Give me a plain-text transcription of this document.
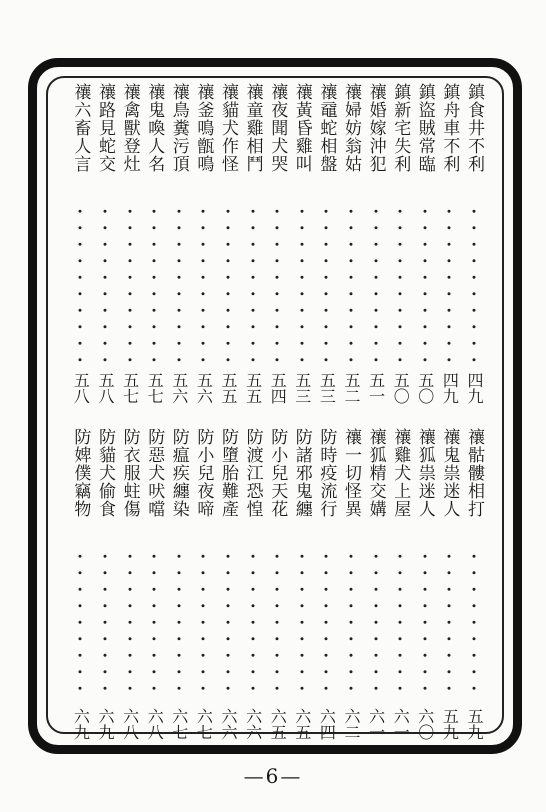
鎮食井不利
四九
鎮舟車不利
四九
鎮盜賊常臨
五〇
鎮新宅失利
五〇
禳婚嫁沖犯
五一
禳婦妨翁姑
五二
禳黿蛇相盤
五三
禳黃昏雞叫
五三
禳夜聞犬哭
五四
禳童雞相鬥
五五
禳貓犬作怪
五五
禳釜鳴甑鳴
五六
禳鳥糞污頂
五六
禳鬼喚人名
五七
禳禽獸登灶
五七
禳路見蛇交
五八
禳六畜人言
五八
禳骷髏相打
五九
禳鬼祟迷人
五九
禳狐祟迷人
六〇
禳雞犬上屋
六一
禳狐精交媾
六一
禳一切怪異
六二
防時疫流行
六四
防諸邪鬼纏
六五
防小兒天花
六五
防渡江恐惶
六六
防墮胎難產
六六
防小兒夜啼
六七
防瘟疾纏染
六七
防惡犬吠噹
六八
防衣服蛀傷
六八
防貓犬偷食
六九
防婢僕竊物
六九
—6—
